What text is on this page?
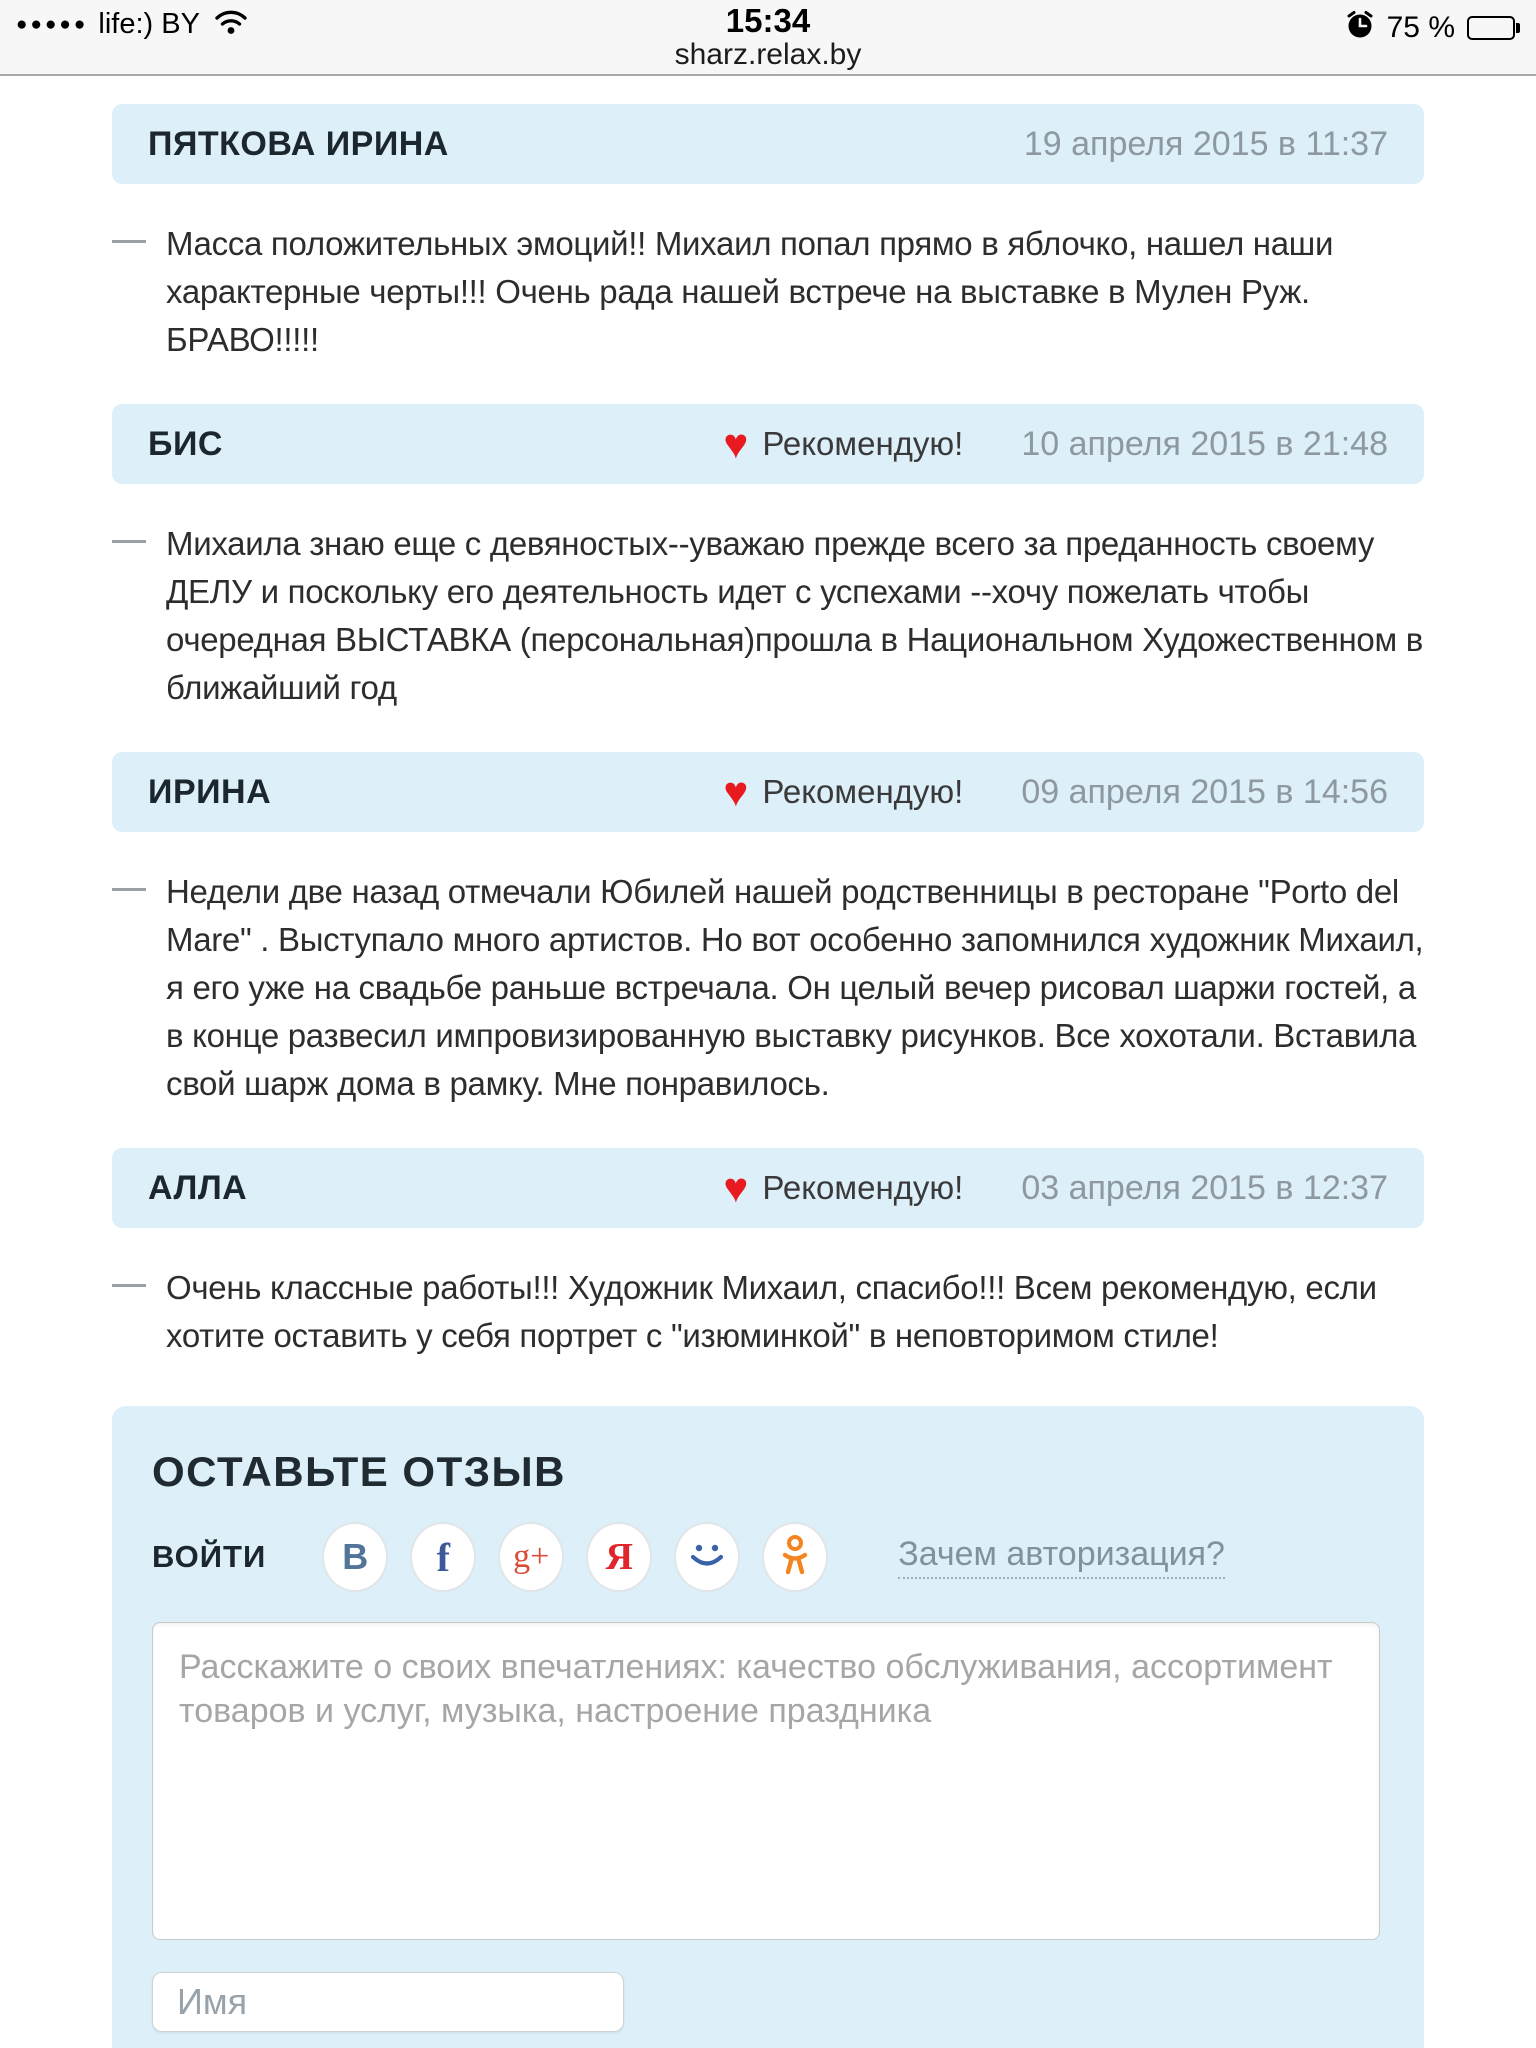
●●●●● life:) BY	15:34
sharz.relax.by
75 %
ПЯТКОВА ИРИНА	19 апреля 2015 в 11:37

Масса положительных эмоций!! Михаил попал прямо в яблочко, нашел наши характерные черты!!! Очень рада нашей встрече на выставке в Мулен Руж. БРАВО!!!!!

БИС	♥ Рекомендую! 10 апреля 2015 в 21:48

Михаила знаю еще с девяностых--уважаю прежде всего за преданность своему ДЕЛУ и поскольку его деятельность идет с успехами --хочу пожелать чтобы очередная ВЫСТАВКА (персональная)прошла в Национальном Художественном в ближайший год

ИРИНА	♥ Рекомендую! 09 апреля 2015 в 14:56

Недели две назад отмечали Юбилей нашей родственницы в ресторане "Porto del Mare" . Выступало много артистов. Но вот особенно запомнился художник Михаил, я его уже на свадьбе раньше встречала. Он целый вечер рисовал шаржи гостей, а в конце развесил импровизированную выставку рисунков. Все хохотали. Вставила свой шарж дома в рамку. Мне понравилось.

АЛЛА	♥ Рекомендую! 03 апреля 2015 в 12:37

Очень классные работы!!! Художник Михаил, спасибо!!! Всем рекомендую, если хотите оставить у себя портрет с "изюминкой" в неповторимом стиле!

ОСТАВЬТЕ ОТЗЫВ
ВОЙТИ В f g+ Я	Зачем авторизация?
Расскажите о своих впечатлениях: качество обслуживания, ассортимент товаров и услуг, музыка, настроение праздника
Имя
